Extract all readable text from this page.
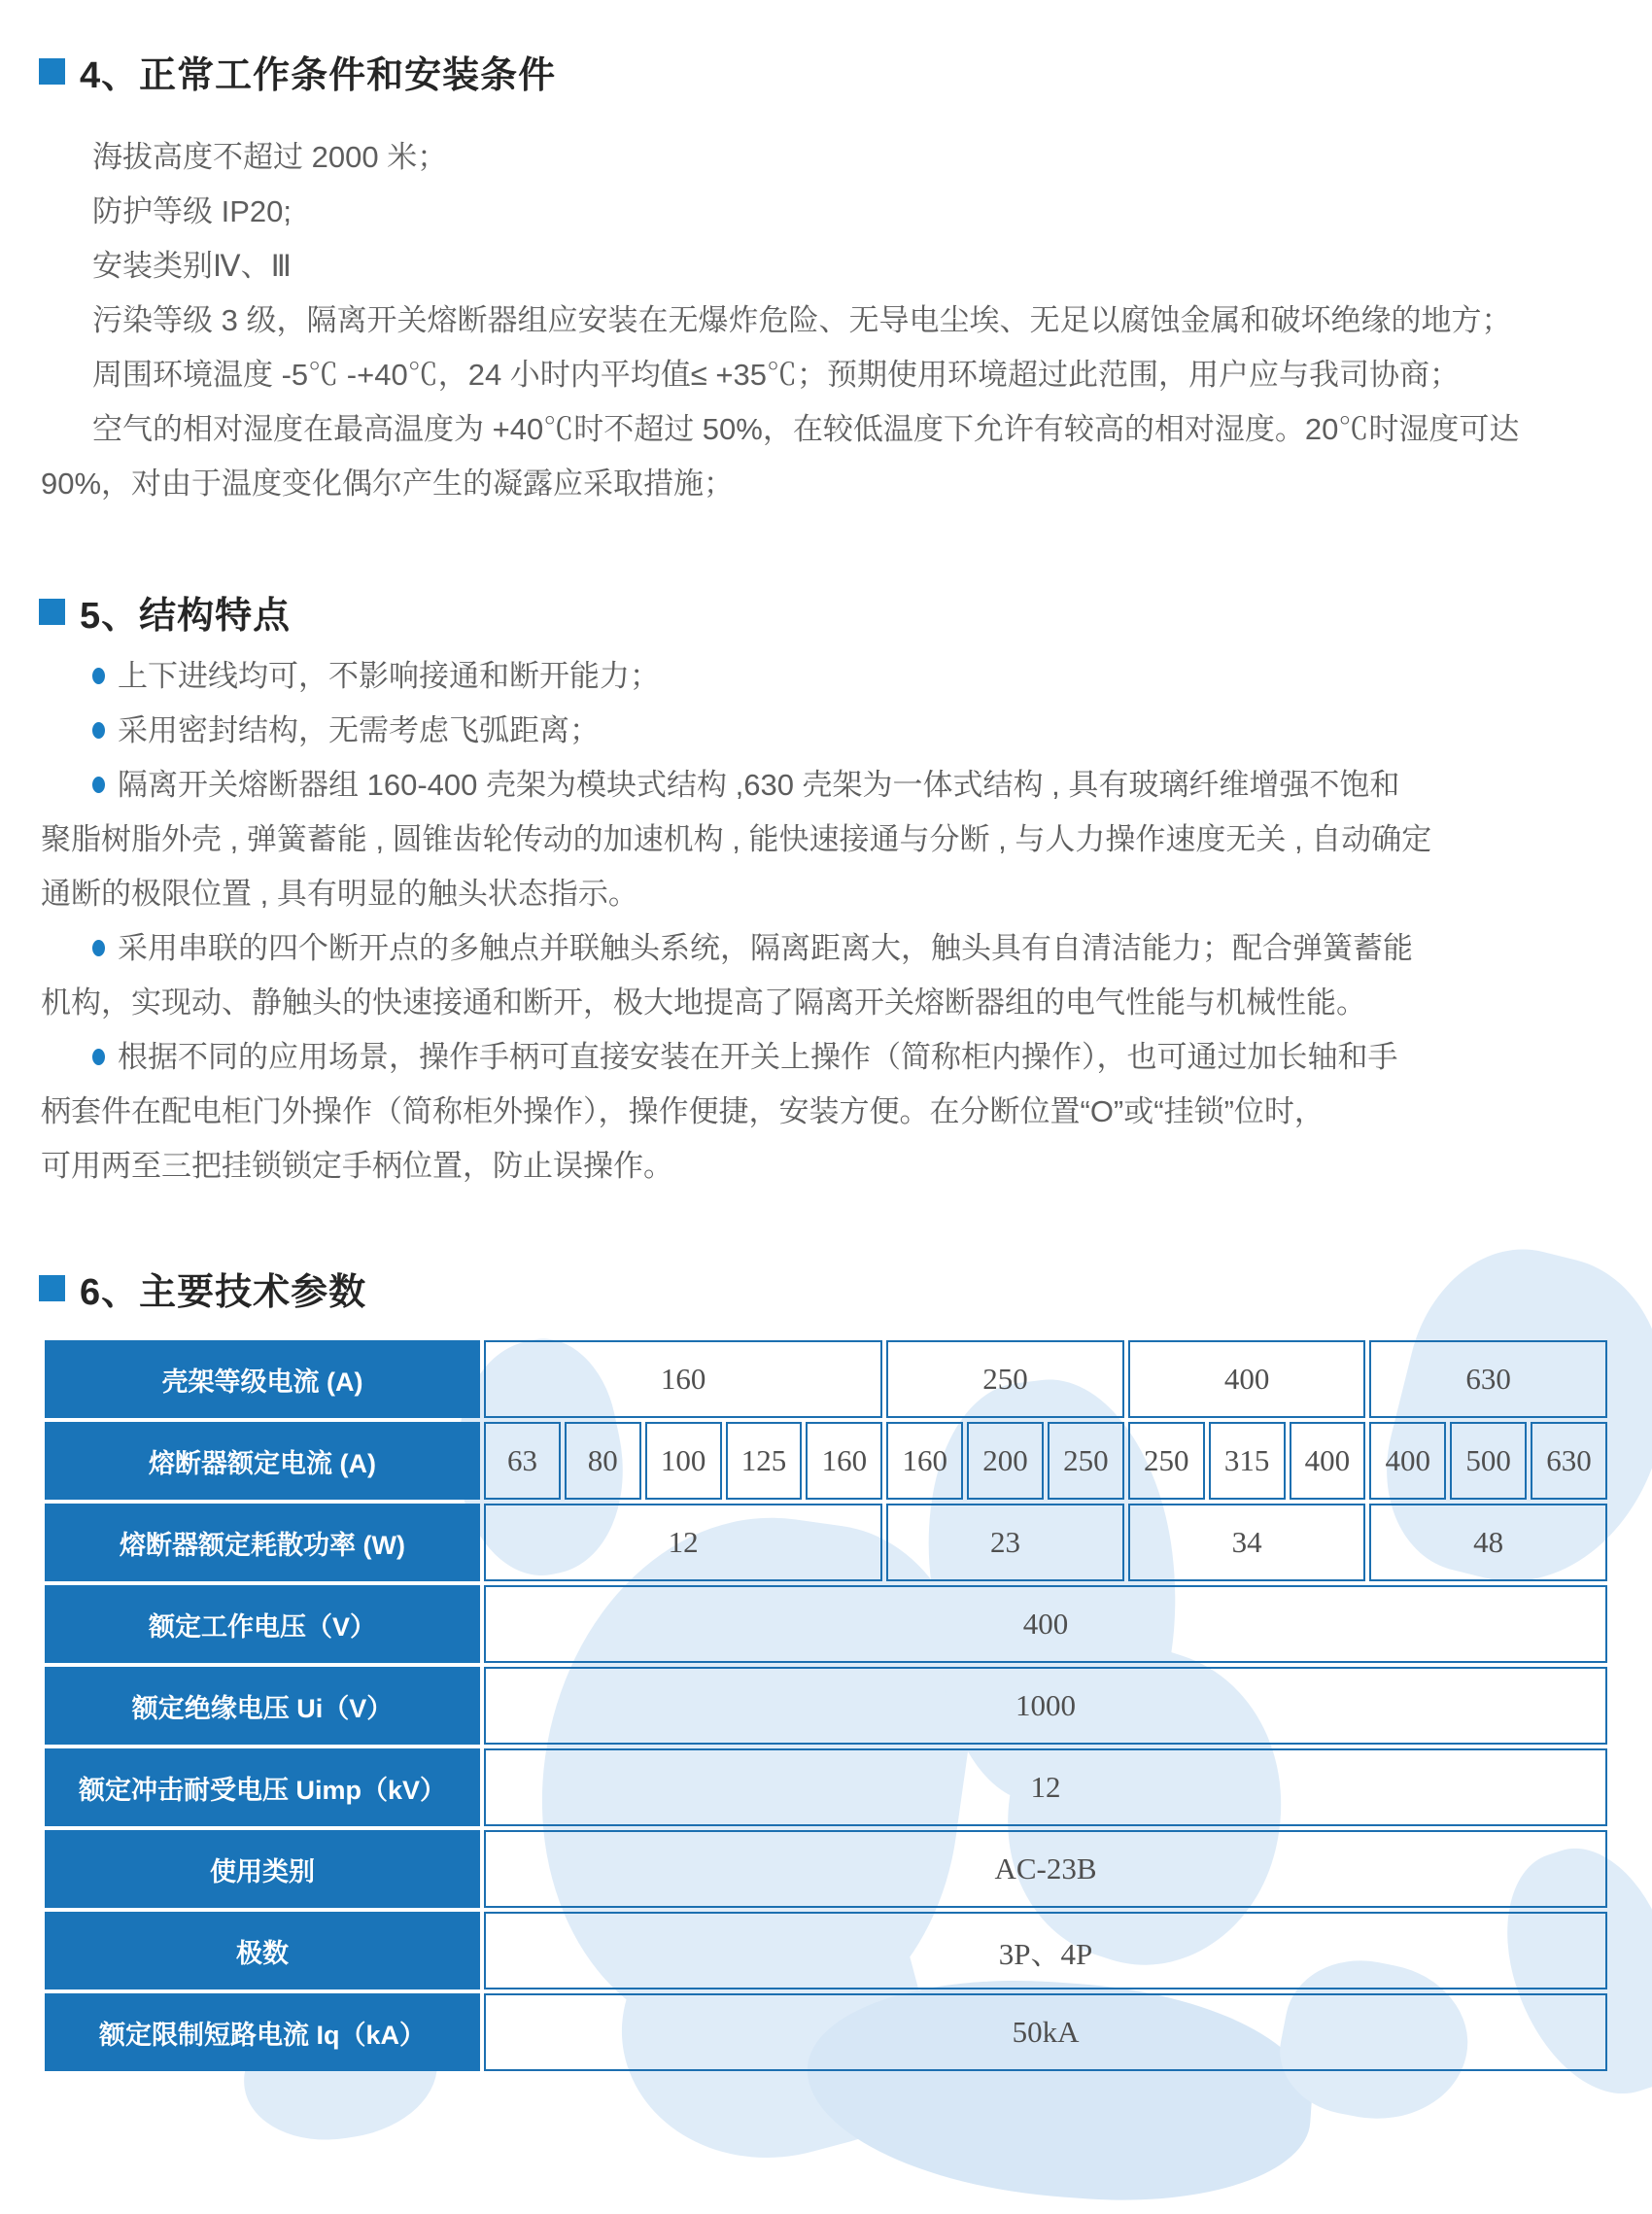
4、正常工作条件和安装条件
海拔高度不超过 2000 米；
防护等级 IP20;
安装类别Ⅳ、Ⅲ
污染等级 3 级，隔离开关熔断器组应安装在无爆炸危险、无导电尘埃、无足以腐蚀金属和破坏绝缘的地方；
周围环境温度 -5℃ -+40℃，24 小时内平均值≤ +35℃；预期使用环境超过此范围，用户应与我司协商；
空气的相对湿度在最高温度为 +40℃时不超过 50%，在较低温度下允许有较高的相对湿度。20℃时湿度可达
90%，对由于温度变化偶尔产生的凝露应采取措施；
5、结构特点
上下进线均可，不影响接通和断开能力；
采用密封结构，无需考虑飞弧距离；
隔离开关熔断器组 160-400 壳架为模块式结构 ,630 壳架为一体式结构 , 具有玻璃纤维增强不饱和
聚脂树脂外壳 , 弹簧蓄能 , 圆锥齿轮传动的加速机构 , 能快速接通与分断 , 与人力操作速度无关 , 自动确定
通断的极限位置 , 具有明显的触头状态指示。
采用串联的四个断开点的多触点并联触头系统，隔离距离大，触头具有自清洁能力；配合弹簧蓄能
机构，实现动、静触头的快速接通和断开，极大地提高了隔离开关熔断器组的电气性能与机械性能。
根据不同的应用场景，操作手柄可直接安装在开关上操作（简称柜内操作），也可通过加长轴和手
柄套件在配电柜门外操作（简称柜外操作），操作便捷，安装方便。在分断位置“O”或“挂锁”位时，
可用两至三把挂锁锁定手柄位置，防止误操作。
6、主要技术参数
壳架等级电流 (A)	160					250			400			630		
熔断器额定电流 (A)	63	80	100	125	160	160	200	250	250	315	400	400	500	630
熔断器额定耗散功率 (W)	12					23			34			48		
额定工作电压（V）	400													
额定绝缘电压 Ui（V）	1000													
额定冲击耐受电压 Uimp（kV）	12													
使用类别	AC-23B													
极数	3P、4P													
额定限制短路电流 Iq（kA）	50kA													
